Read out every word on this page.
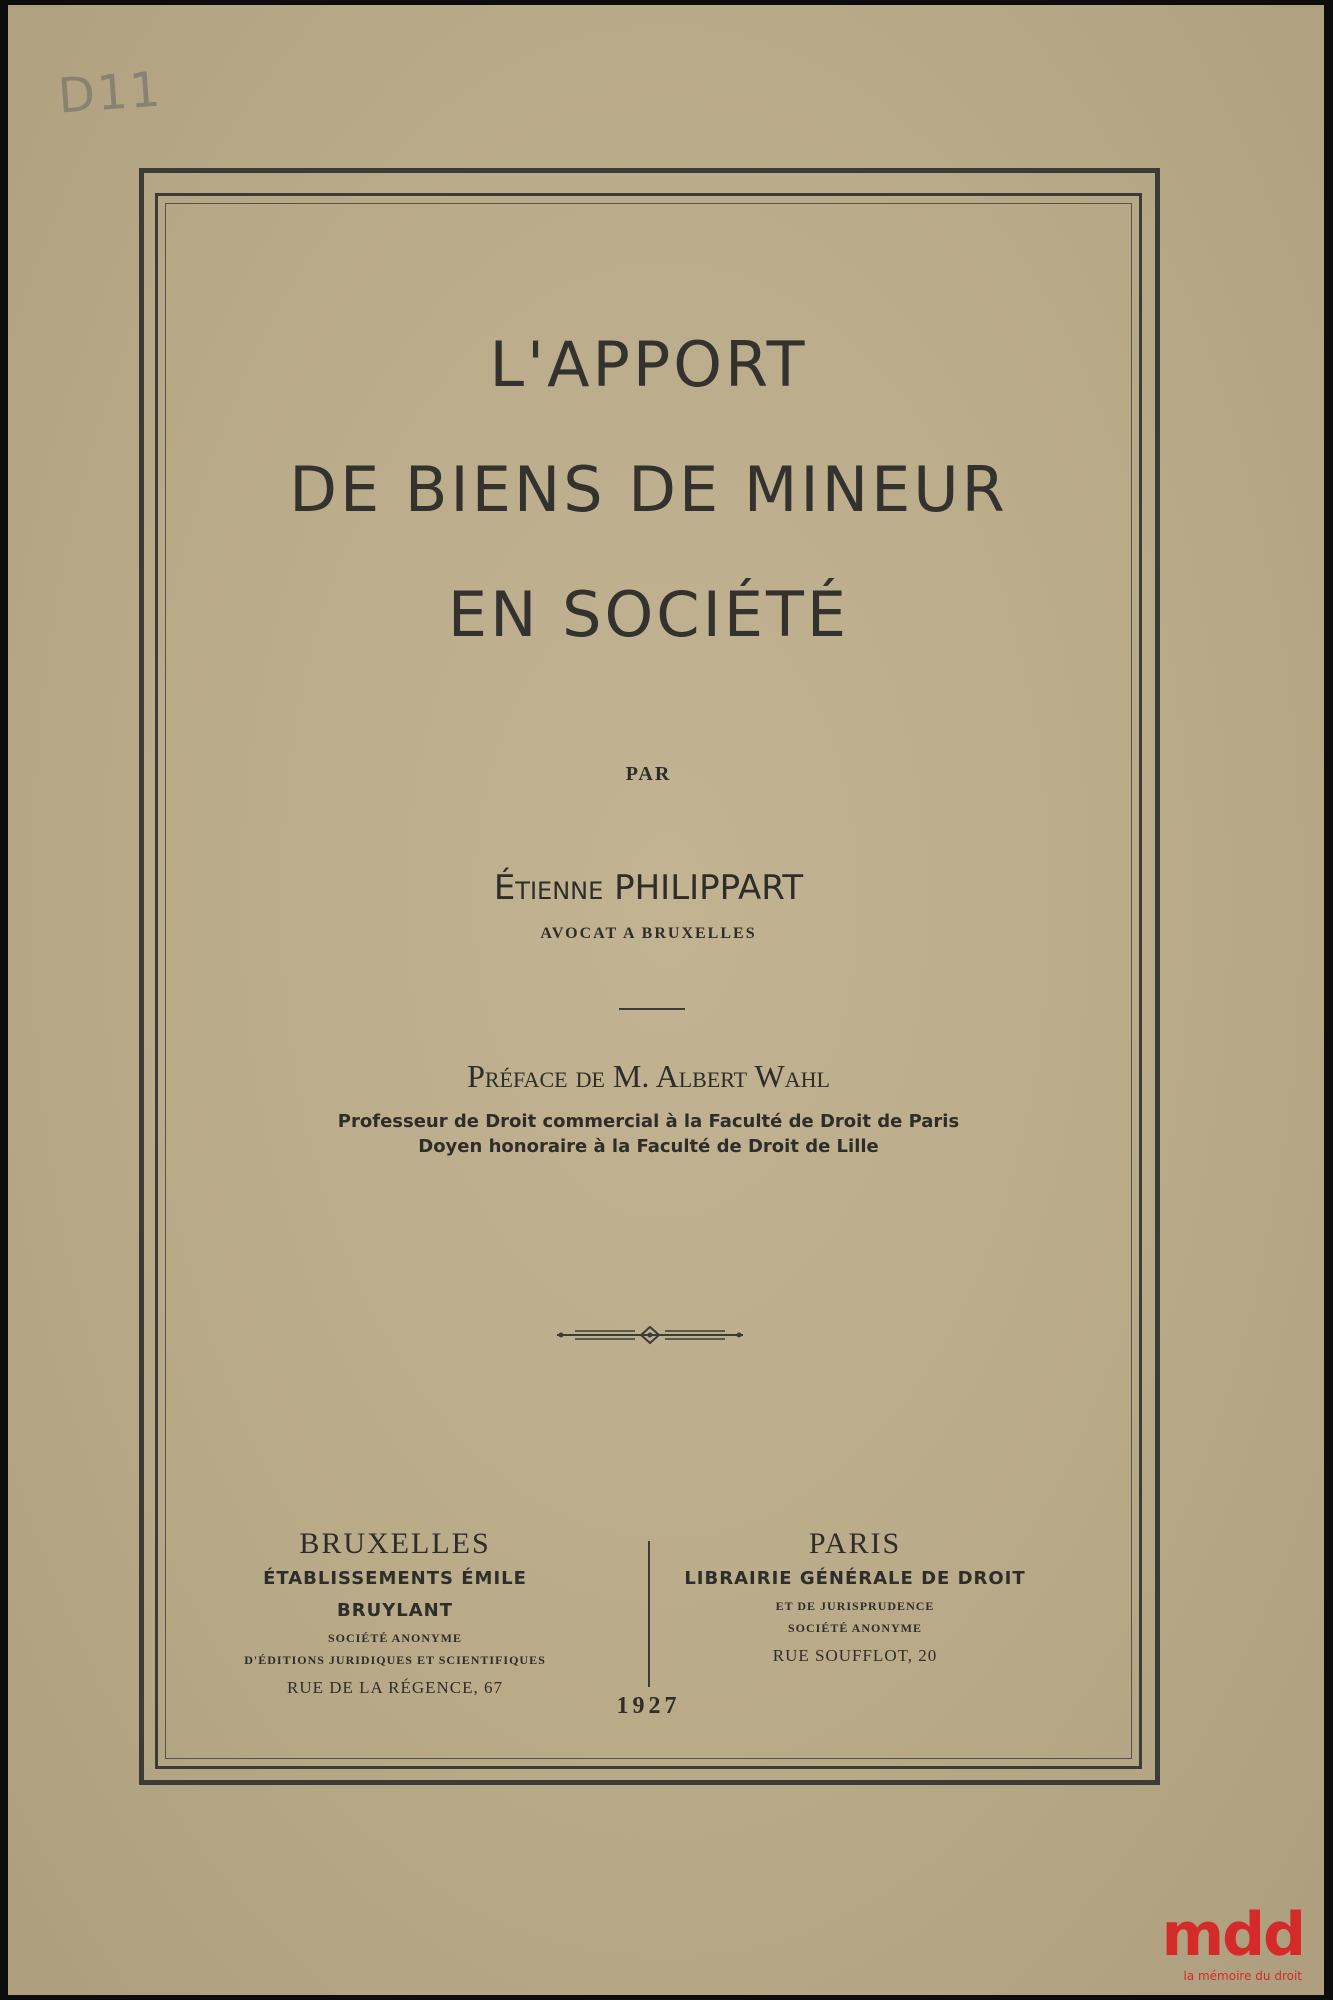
D11
L'APPORT
DE BIENS DE MINEUR
EN SOCIÉTÉ
PAR
Étienne PHILIPPART
AVOCAT A BRUXELLES
Préface de M. Albert Wahl
Professeur de Droit commercial à la Faculté de Droit de Paris
Doyen honoraire à la Faculté de Droit de Lille
BRUXELLES
ÉTABLISSEMENTS ÉMILE BRUYLANT
SOCIÉTÉ ANONYME
D'ÉDITIONS JURIDIQUES ET SCIENTIFIQUES
RUE DE LA RÉGENCE, 67
PARIS
LIBRAIRIE GÉNÉRALE DE DROIT
ET DE JURISPRUDENCE
SOCIÉTÉ ANONYME
RUE SOUFFLOT, 20
1927
mdd
la mémoire du droit
